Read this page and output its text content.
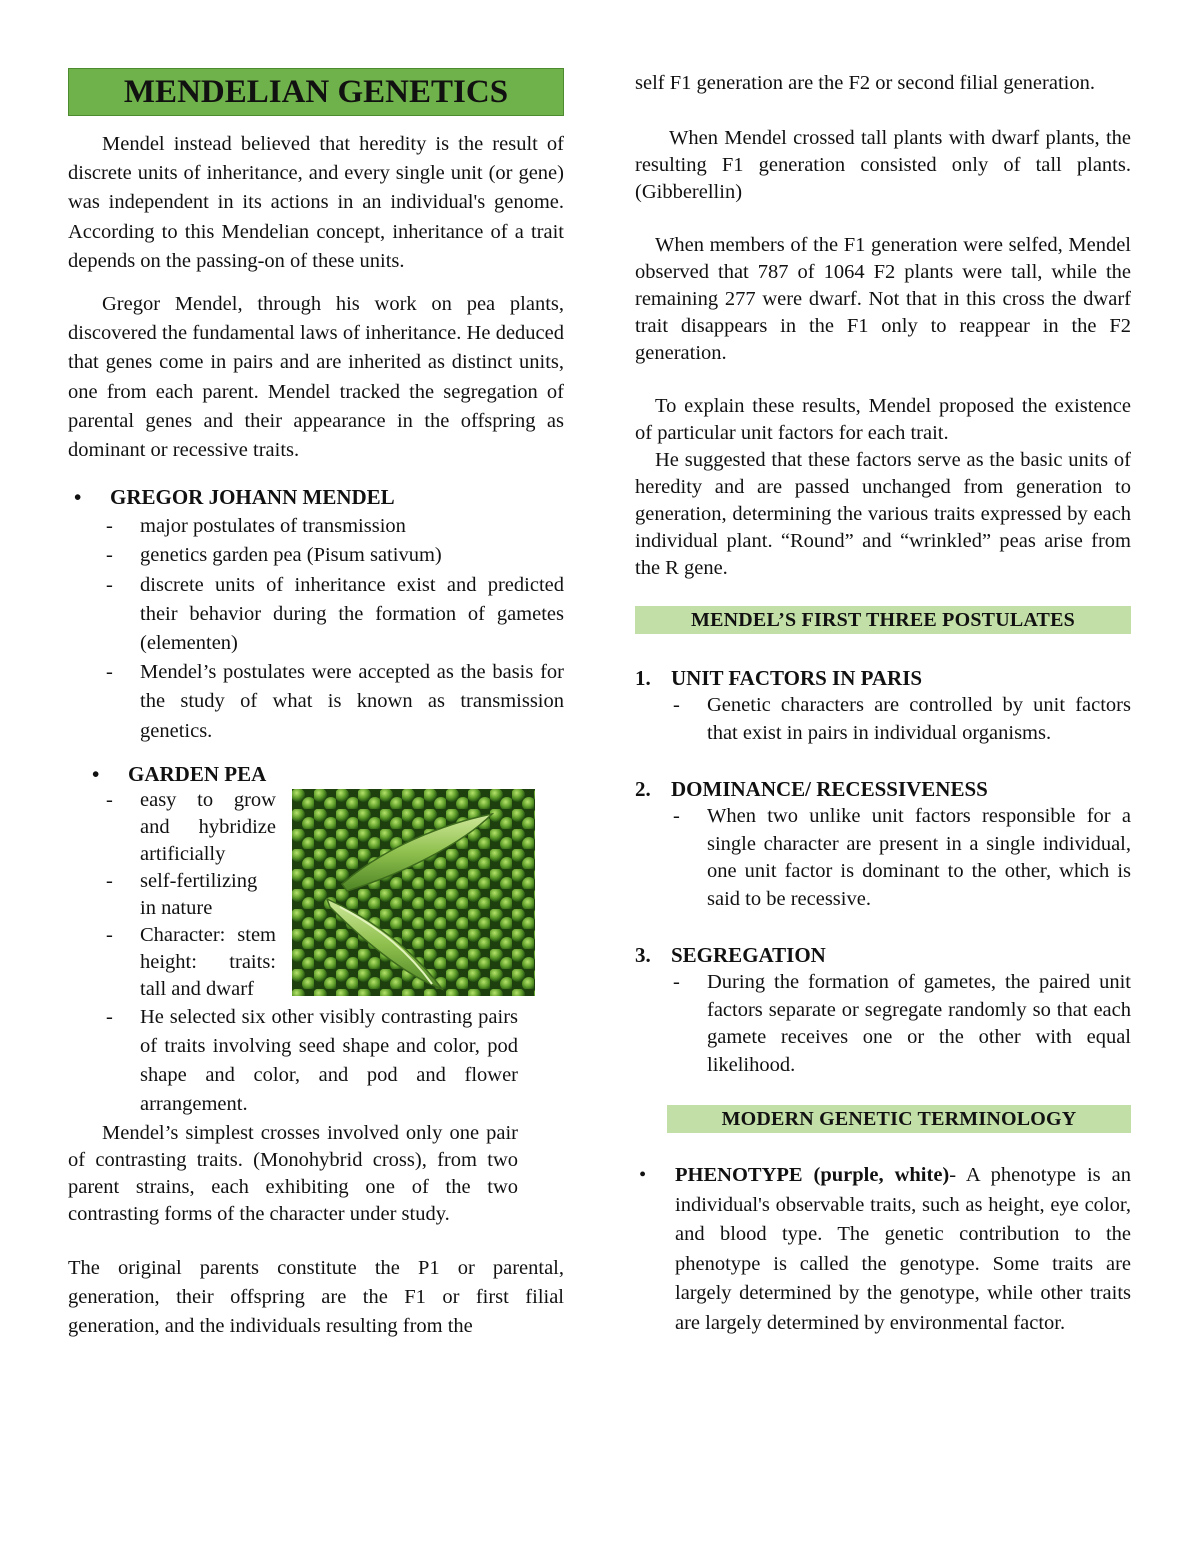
MENDELIAN GENETICS

Mendel instead believed that heredity is the result of discrete units of inheritance, and every single unit (or gene) was independent in its actions in an individual's genome. According to this Mendelian concept, inheritance of a trait depends on the passing-on of these units.

Gregor Mendel, through his work on pea plants, discovered the fundamental laws of inheritance. He deduced that genes come in pairs and are inherited as distinct units, one from each parent. Mendel tracked the segregation of parental genes and their appearance in the offspring as dominant or recessive traits.

•	GREGOR JOHANN MENDEL
- major postulates of transmission
- genetics garden pea (Pisum sativum)
- discrete units of inheritance exist and predicted their behavior during the formation of gametes (elementen)
- Mendel’s postulates were accepted as the basis for the study of what is known as transmission genetics.
•	GARDEN PEA
- easy to grow and hybridize artificially
- self-fertilizing in nature
- Character: stem height: traits: tall and dwarf
- He selected six other visibly contrasting pairs of traits involving seed shape and color, pod shape and color, and pod and flower arrangement.

Mendel’s simplest crosses involved only one pair of contrasting traits. (Monohybrid cross), from two parent strains, each exhibiting one of the two contrasting forms of the character under study.

The original parents constitute the P1 or parental, generation, their offspring are the F1 or first filial generation, and the individuals resulting from the

self F1 generation are the F2 or second filial generation.

When Mendel crossed tall plants with dwarf plants, the resulting F1 generation consisted only of tall plants. (Gibberellin)

When members of the F1 generation were selfed, Mendel observed that 787 of 1064 F2 plants were tall, while the remaining 277 were dwarf. Not that in this cross the dwarf trait disappears in the F1 only to reappear in the F2 generation.

To explain these results, Mendel proposed the existence of particular unit factors for each trait.

He suggested that these factors serve as the basic units of heredity and are passed unchanged from generation to generation, determining the various traits expressed by each individual plant. “Round” and “wrinkled” peas arise from the R gene.

MENDEL’S FIRST THREE POSTULATES
1. UNIT FACTORS IN PARIS
- Genetic characters are controlled by unit factors that exist in pairs in individual organisms.
2. DOMINANCE/ RECESSIVENESS
- When two unlike unit factors responsible for a single character are present in a single individual, one unit factor is dominant to the other, which is said to be recessive.
3. SEGREGATION
- During the formation of gametes, the paired unit factors separate or segregate randomly so that each gamete receives one or the other with equal likelihood.
MODERN GENETIC TERMINOLOGY
•	PHENOTYPE (purple, white)- A phenotype is an individual's observable traits, such as height, eye color, and blood type. The genetic contribution to the phenotype is called the genotype. Some traits are largely determined by the genotype, while other traits are largely determined by environmental factor.
